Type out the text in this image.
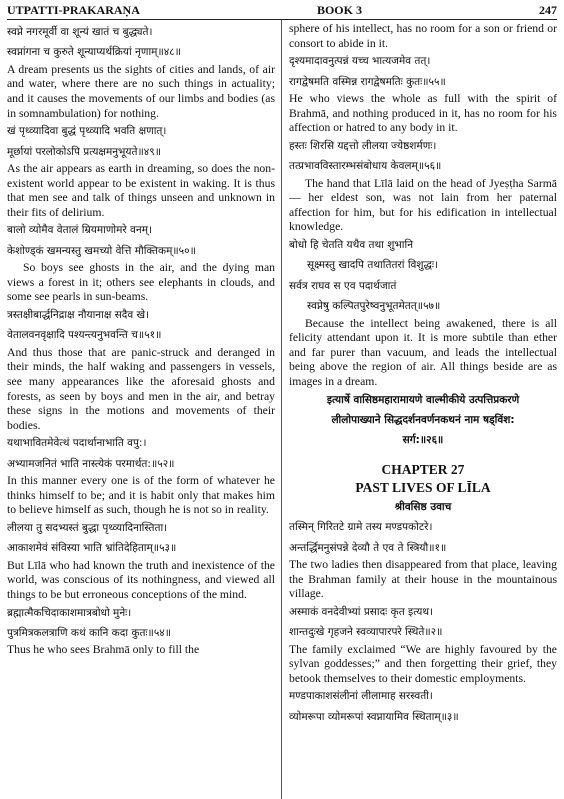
UTPATTI-PRAKARAṆA	BOOK 3	247
स्वप्ने नगरमूर्वी वा शून्यं खातं च बुद्ध्यते।
स्वप्नांगना च कुरुते शून्याप्यर्थक्रियां नृणाम्॥४८॥

A dream presents us the sights of cities and lands, of air and water, where there are no such things in actuality; and it causes the movements of our limbs and bodies (as in somnambulation) for nothing.

खं पृथ्व्यादिवा बुद्धं पृथ्व्यादि भवति क्षणात्।
मूर्छायां परलोकोऽपि प्रत्यक्षमनुभूयते॥४९॥

As the air appears as earth in dreaming, so does the non-existent world appear to be existent in waking. It is thus that men see and talk of things unseen and unknown in their fits of delirium.

बालो व्योमैव वेतालं म्रियमाणोमरे वनम्।
केशोण्ड्कं खमन्यस्तु खमच्यो वेत्ति मौक्तिकम्॥५०॥

So boys see ghosts in the air, and the dying man views a forest in it; others see elephants in clouds, and some see pearls in sun-beams.

त्रस्तक्षीबार्द्धनिद्राक्ष नौयानाक्ष सदैव खे।
वेतालवनवृक्षादि पश्यन्त्यनुभवन्ति च॥५१॥

And thus those that are panic-struck and deranged in their minds, the half waking and passengers in vessels, see many appearances like the aforesaid ghosts and forests, as seen by boys and men in the air, and betray these signs in the motions and movements of their bodies.

यथाभावितमेवेत्थं पदार्थानाभाति वपु:।
अभ्यामजनितं भाति नास्त्येकं परमार्थत:॥५२॥

In this manner every one is of the form of whatever he thinks himself to be; and it is habit only that makes him to believe himself as such, though he is not so in reality.

लीलया तु सदभ्यस्तं बुद्धा पृथ्व्यादिनास्तिता।
आकाशमेवं संविस्या भाति भ्रांतिदेहिताम्॥५३॥

But Līlā who had known the truth and inexistence of the world, was conscious of its nothingness, and viewed all things to be but erroneous conceptions of the mind.

ब्रह्मात्मैकचिदाकाशमात्रबोधो मुनेः।
पुत्रमित्रकलत्राणि कथं कानि कदा कुतः॥५४॥

Thus he who sees Brahmā only to fill the

sphere of his intellect, has no room for a son or friend or consort to abide in it.

दृश्यमादावनुत्पन्नं यच्च भात्यजमेव तत्।
रागद्वेषमति वस्मिन्न रागद्वेषमतिः कुतः॥५५॥

He who views the whole as full with the spirit of Brahmā, and nothing produced in it, has no room for his affection or hatred to any body in it.

हस्तः शिरसि यद्दत्तो लीलया ज्येष्ठशर्मणः।
तत्प्रभावविस्तारम्भसंबोधाय केवलम्॥५६॥

The hand that Līlā laid on the head of Jyeṣṭha Sarmā— her eldest son, was not lain from her paternal affection for him, but for his edification in intellectual knowledge.

बोधो हि चेतति यथैव तथा शुभानि
सूक्ष्मस्तु खादपि तथातितरां विशुद्धः।
सर्वत्र राघव स एव पदार्थजातं
स्वप्नेषु कल्पितपुरेष्वनुभूतमेतत्॥५७॥

Because the intellect being awakened, there is all felicity attendant upon it. It is more subtile than ether and far purer than vacuum, and leads the intellectual being above the region of air. All things beside are as images in a dream.

इत्यार्षे वासिष्ठमहारामायणे वाल्मीकीये उत्पत्तिप्रकरणे
लीलोपाख्याने सिद्धदर्शनवर्णनकथनं नाम षड्विंश:
सर्ग:॥२६॥
CHAPTER 27
PAST LIVES OF LĪLA
श्रीवसिष्ठ उवाच
तस्मिन् गिरितटे ग्रामे तस्य मण्डपकोटरे।
अन्तर्द्धिमनुसंपन्ने देव्यौ ते एव ते स्त्रियौ॥१॥

The two ladies then disappeared from that place, leaving the Brahman family at their house in the mountainous village.

अस्माकं वनदेवीभ्यां प्रसादः कृत इत्यथ।
शान्तदुःखे गृहजने स्वव्यापारपरे स्थिते॥२॥

The family exclaimed “We are highly favoured by the sylvan goddesses;” and then forgetting their grief, they betook themselves to their domestic employments.

मण्डपाकाशसंलीनां लीलामाह सरस्वती।
व्योमरूपा व्योमरूपां स्वप्नायामिव स्थिताम्॥३॥
